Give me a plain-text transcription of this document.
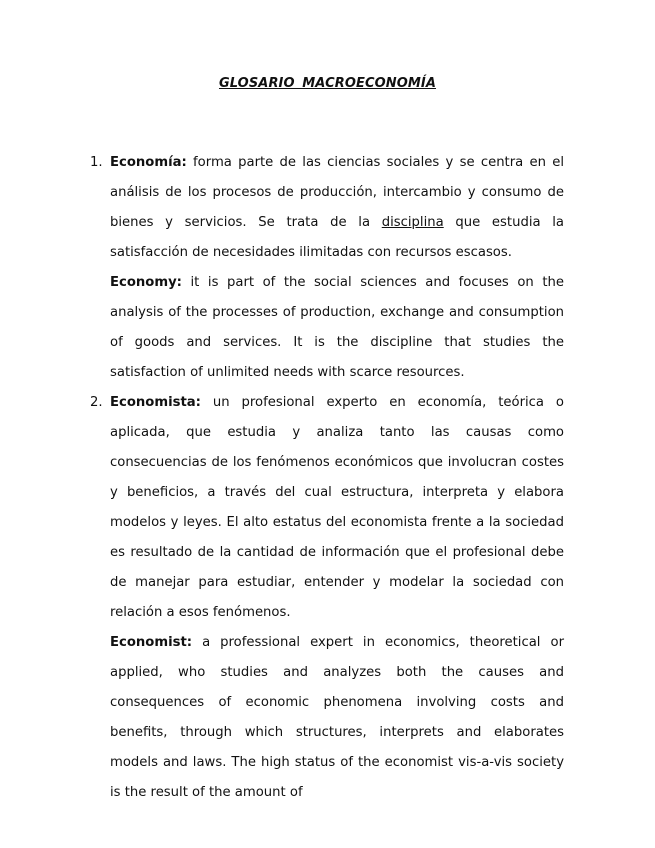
GLOSARIO MACROECONOMÍA
1. Economía: forma parte de las ciencias sociales y se centra en el análisis de los procesos de producción, intercambio y consumo de bienes y servicios. Se trata de la disciplina que estudia la satisfacción de necesidades ilimitadas con recursos escasos.

Economy: it is part of the social sciences and focuses on the analysis of the processes of production, exchange and consumption of goods and services. It is the discipline that studies the satisfaction of unlimited needs with scarce resources.

2. Economista: un profesional experto en economía, teórica o aplicada, que estudia y analiza tanto las causas como consecuencias de los fenómenos económicos que involucran costes y beneficios, a través del cual estructura, interpreta y elabora modelos y leyes. El alto estatus del economista frente a la sociedad es resultado de la cantidad de información que el profesional debe de manejar para estudiar, entender y modelar la sociedad con relación a esos fenómenos.

Economist: a professional expert in economics, theoretical or applied, who studies and analyzes both the causes and consequences of economic phenomena involving costs and benefits, through which structures, interprets and elaborates models and laws. The high status of the economist vis-a-vis society is the result of the amount of
